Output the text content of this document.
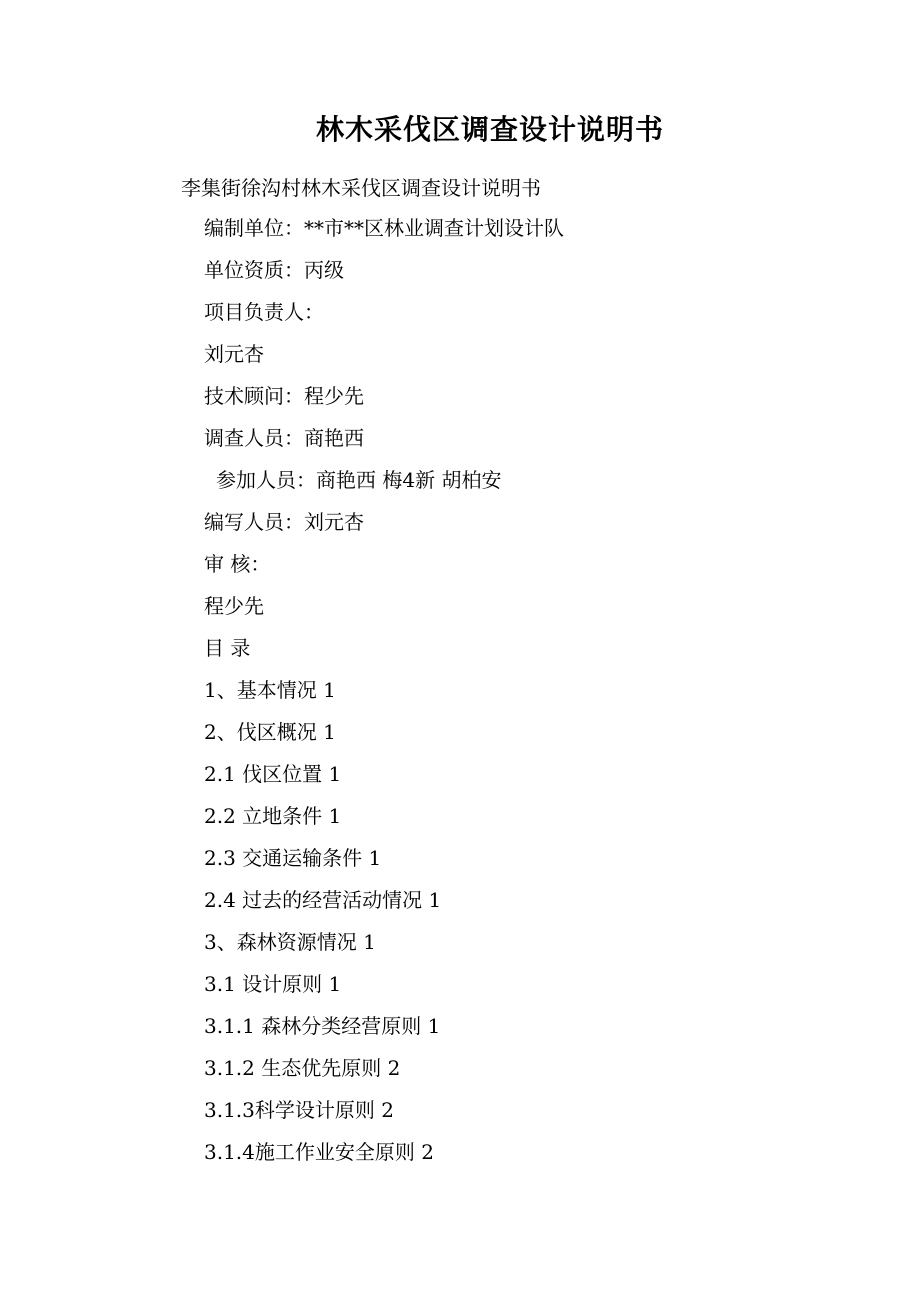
林木采伐区调查设计说明书
李集街徐沟村林木采伐区调查设计说明书
编制单位：**市**区林业调查计划设计队
单位资质：丙级
项目负责人：
刘元杏
技术顾问：程少先
调查人员：商艳西
参加人员：商艳西 梅4新 胡柏安
编写人员：刘元杏
审 核：
程少先
目 录
1、基本情况 1
2、伐区概况 1
2.1 伐区位置 1
2.2 立地条件 1
2.3 交通运输条件 1
2.4 过去的经营活动情况 1
3、森林资源情况 1
3.1 设计原则 1
3.1.1 森林分类经营原则 1
3.1.2 生态优先原则 2
3.1.3科学设计原则 2
3.1.4施工作业安全原则 2
